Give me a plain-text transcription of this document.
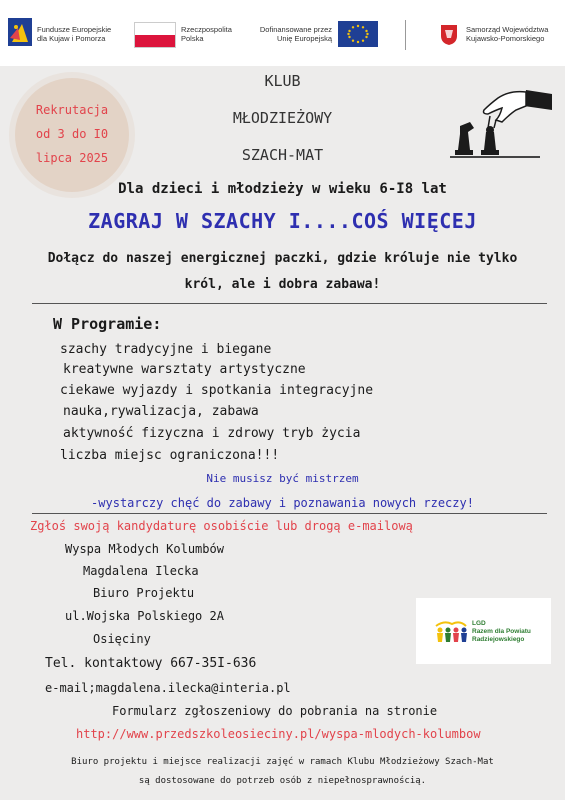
Fundusze Europejskie
dla Kujaw i Pomorza
Rzeczpospolita
Polska
Dofinansowane przez
Unię Europejską
Samorząd Województwa
Kujawsko-Pomorskiego
Rekrutacja
od 3 do I0
lipca 2025
KLUB
MŁODZIEŻOWY
SZACH-MAT
Dla dzieci i młodzieży w wieku 6-I8 lat
ZAGRAJ W SZACHY I....COŚ WIĘCEJ
Dołącz do naszej energicznej paczki, gdzie króluje nie tylko
król, ale i dobra zabawa!
W Programie:
szachy tradycyjne i biegane
kreatywne warsztaty artystyczne
ciekawe wyjazdy i spotkania integracyjne
nauka,rywalizacja, zabawa
aktywność fizyczna i zdrowy tryb życia
liczba miejsc ograniczona!!!
Nie musisz być mistrzem
-wystarczy chęć do zabawy i poznawania nowych rzeczy!
Zgłoś swoją kandydaturę osobiście lub drogą e-mailową
Wyspa Młodych Kolumbów
Magdalena Ilecka
Biuro Projektu
ul.Wojska Polskiego 2A
Osięciny
Tel. kontaktowy 667-35I-636
e-mail;magdalena.ilecka@interia.pl
LGD
Razem dla Powiatu
Radziejowskiego
Formularz zgłoszeniowy do pobrania na stronie
http://www.przedszkoleosieciny.pl/wyspa-mlodych-kolumbow
Biuro projektu i miejsce realizacji zajęć w ramach Klubu Młodzieżowy Szach-Mat
są dostosowane do potrzeb osób z niepełnosprawnością.
